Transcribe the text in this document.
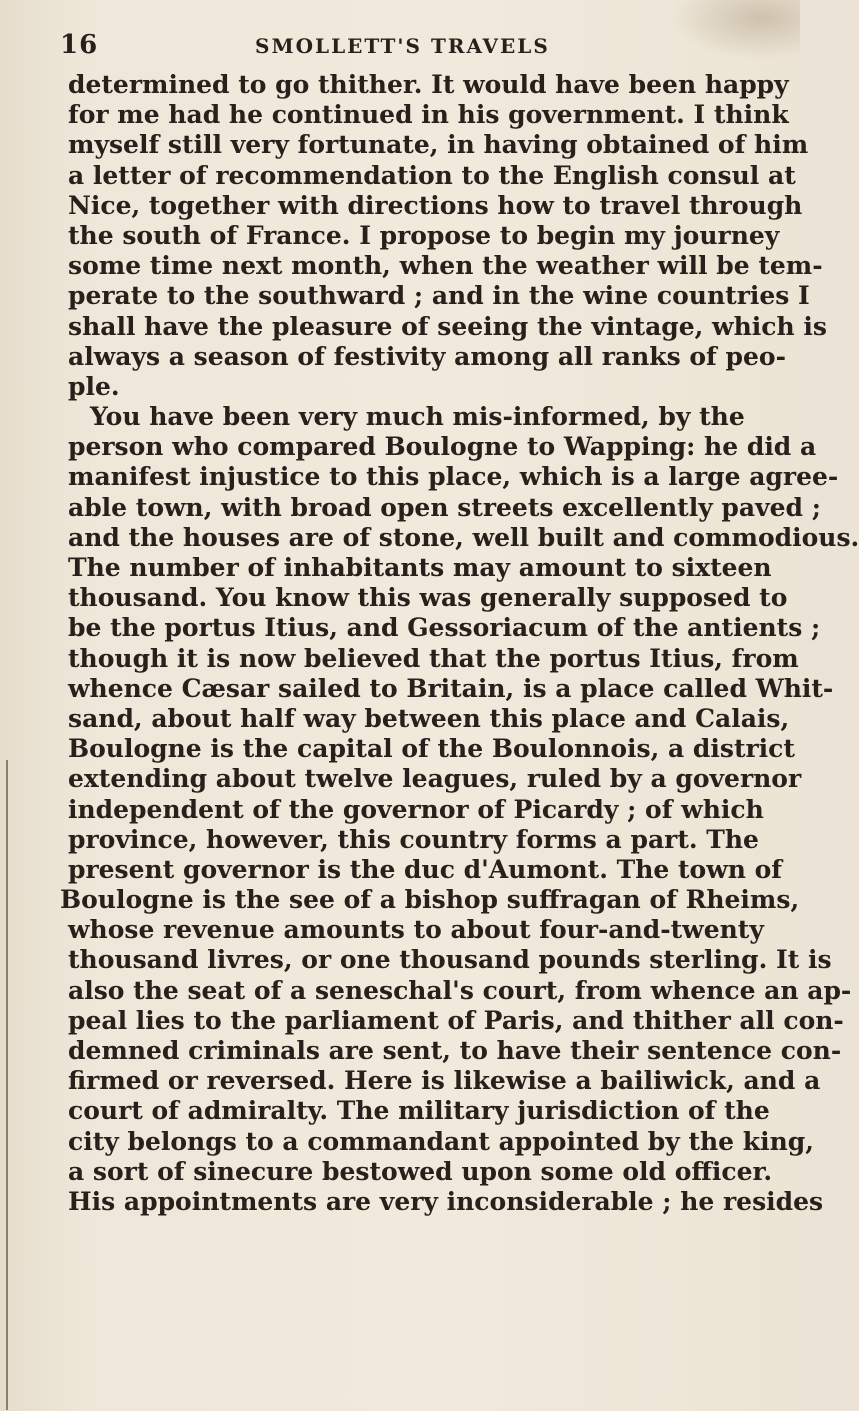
16	SMOLLETT'S TRAVELS
determined to go thither. It would have been happy
for me had he continued in his government. I think
myself still very fortunate, in having obtained of him
a letter of recommendation to the English consul at
Nice, together with directions how to travel through
the south of France. I propose to begin my journey
some time next month, when the weather will be tem-
perate to the southward ; and in the wine countries I
shall have the pleasure of seeing the vintage, which is
always a season of festivity among all ranks of peo-
ple.
You have been very much mis-informed, by the
person who compared Boulogne to Wapping: he did a
manifest injustice to this place, which is a large agree-
able town, with broad open streets excellently paved ;
and the houses are of stone, well built and commodious.
The number of inhabitants may amount to sixteen
thousand. You know this was generally supposed to
be the portus Itius, and Gessoriacum of the antients ;
though it is now believed that the portus Itius, from
whence Cæsar sailed to Britain, is a place called Whit-
sand, about half way between this place and Calais,
Boulogne is the capital of the Boulonnois, a district
extending about twelve leagues, ruled by a governor
independent of the governor of Picardy ; of which
province, however, this country forms a part. The
present governor is the duc d'Aumont. The town of
Boulogne is the see of a bishop suffragan of Rheims,
whose revenue amounts to about four-and-twenty
thousand livres, or one thousand pounds sterling. It is
also the seat of a seneschal's court, from whence an ap-
peal lies to the parliament of Paris, and thither all con-
demned criminals are sent, to have their sentence con-
firmed or reversed. Here is likewise a bailiwick, and a
court of admiralty. The military jurisdiction of the
city belongs to a commandant appointed by the king,
a sort of sinecure bestowed upon some old officer.
His appointments are very inconsiderable ; he resides
